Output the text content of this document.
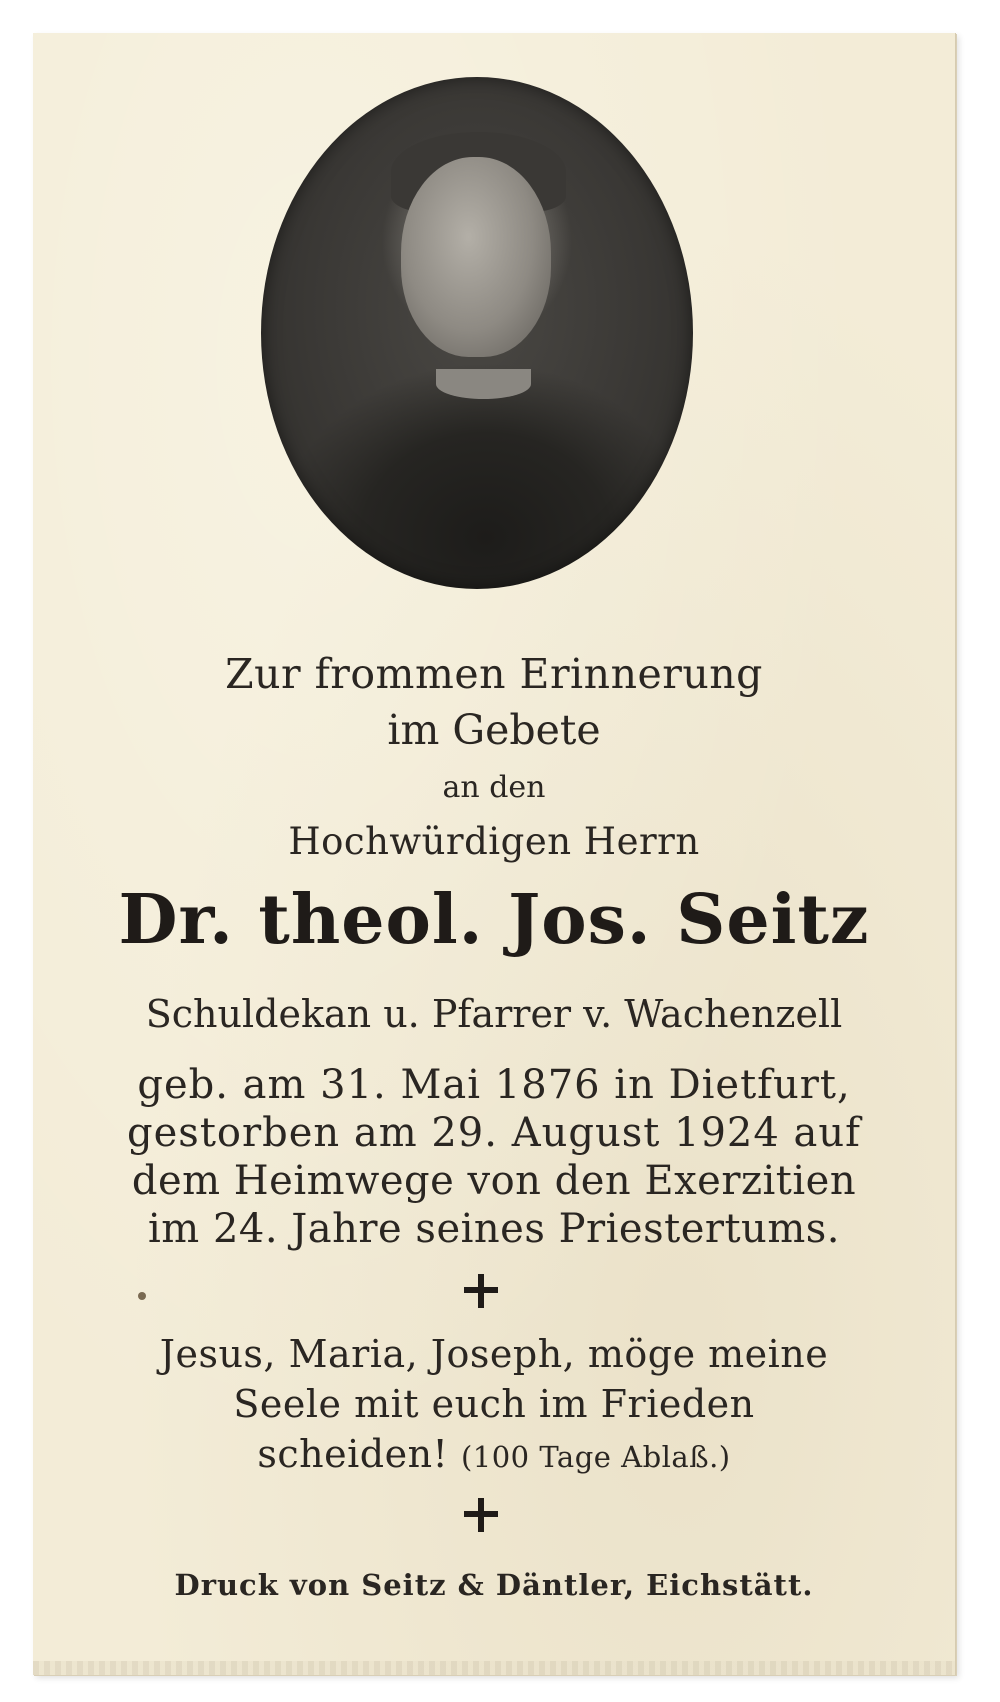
Zur frommen Erinnerung
im Gebete
an den
Hochwürdigen Herrn
Dr. theol. Jos. Seitz
Schuldekan u. Pfarrer v. Wachenzell
geb. am 31. Mai 1876 in Dietfurt,
gestorben am 29. August 1924 auf
dem Heimwege von den Exerzitien
im 24. Jahre seines Priestertums.
Jesus, Maria, Joseph, möge meine
Seele mit euch im Frieden
scheiden! (100 Tage Ablaß.)
Druck von Seitz & Däntler, Eichstätt.
